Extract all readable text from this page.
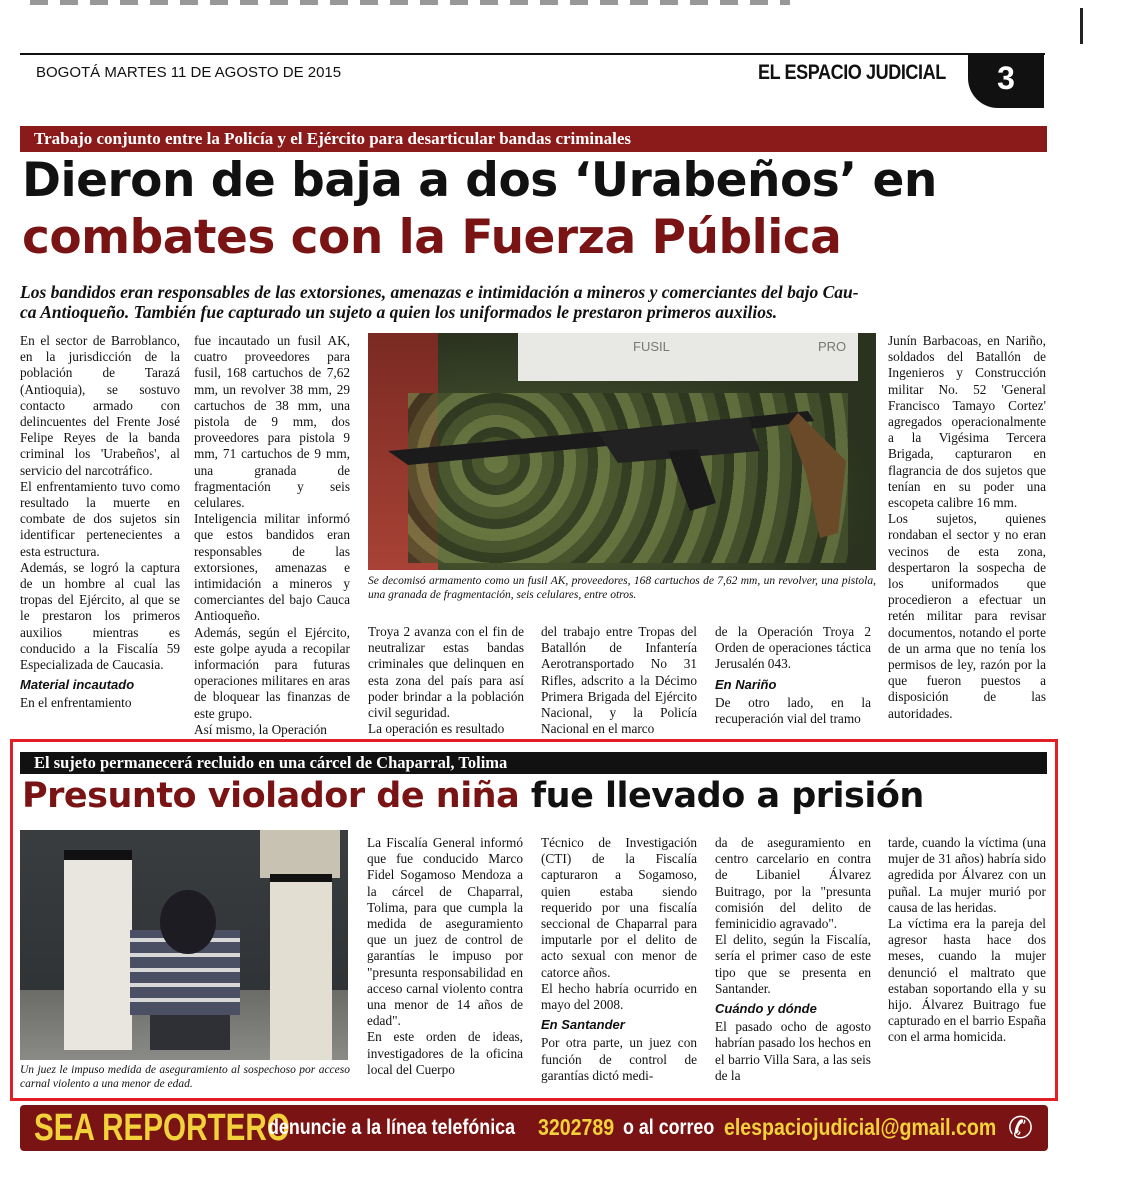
BOGOTÁ MARTES 11 DE AGOSTO DE 2015	EL ESPACIO JUDICIAL	3
Trabajo conjunto entre la Policía y el Ejército para desarticular bandas criminales
Dieron de baja a dos ‘Urabeños’ en
combates con la Fuerza Pública
Los bandidos eran responsables de las extorsiones, amenazas e intimidación a mineros y comerciantes del bajo Cau-
ca Antioqueño. También fue capturado un sujeto a quien los uniformados le prestaron primeros auxilios.

En el sector de Barroblanco, en la jurisdicción de la población de Tarazá (Antioquia), se sostuvo contacto armado con delincuentes del Frente José Felipe Reyes de la banda criminal los 'Urabeños', al servicio del narcotráfico.

El enfrentamiento tuvo como resultado la muerte en combate de dos sujetos sin identificar pertenecientes a esta estructura.

Además, se logró la captura de un hombre al cual las tropas del Ejército, al que se le prestaron los primeros auxilios mientras es conducido a la Fiscalía 59 Especializada de Caucasia.

Material incautado

En el enfrentamiento

fue incautado un fusil AK, cuatro proveedores para fusil, 168 cartuchos de 7,62 mm, un revolver 38 mm, 29 cartuchos de 38 mm, una pistola de 9 mm, dos proveedores para pistola 9 mm, 71 cartuchos de 9 mm, una granada de fragmentación y seis celulares.

Inteligencia militar informó que estos bandidos eran responsables de las extorsiones, amenazas e intimidación a mineros y comerciantes del bajo Cauca Antioqueño.

Además, según el Ejército, este golpe ayuda a recopilar información para futuras operaciones militares en aras de bloquear las finanzas de este grupo.

Así mismo, la Operación

FUSIL	PRO
Se decomisó armamento como un fusil AK, proveedores, 168 cartuchos de 7,62 mm, un revolver, una pistola, una granada de fragmentación, seis celulares, entre otros.

Troya 2 avanza con el fin de neutralizar estas bandas criminales que delinquen en esta zona del país para así poder brindar a la población civil seguridad.

La operación es resultado

del trabajo entre Tropas del Batallón de Infantería Aerotransportado No 31 Rifles, adscrito a la Décimo Primera Brigada del Ejército Nacional, y la Policía Nacional en el marco

de la Operación Troya 2 Orden de operaciones táctica Jerusalén 043.

En Nariño

De otro lado, en la recuperación vial del tramo

Junín Barbacoas, en Nariño, soldados del Batallón de Ingenieros y Construcción militar No. 52 'General Francisco Tamayo Cortez' agregados operacionalmente a la Vigésima Tercera Brigada, capturaron en flagrancia de dos sujetos que tenían en su poder una escopeta calibre 16 mm.

Los sujetos, quienes rondaban el sector y no eran vecinos de esta zona, despertaron la sospecha de los uniformados que procedieron a efectuar un retén militar para revisar documentos, notando el porte de un arma que no tenía los permisos de ley, razón por la que fueron puestos a disposición de las autoridades.

El sujeto permanecerá recluido en una cárcel de Chaparral, Tolima
Presunto violador de niña fue llevado a prisión
Un juez le impuso medida de aseguramiento al sospechoso por acceso carnal violento a una menor de edad.

La Fiscalía General informó que fue conducido Marco Fidel Sogamoso Mendoza a la cárcel de Chaparral, Tolima, para que cumpla la medida de aseguramiento que un juez de control de garantías le impuso por "presunta responsabilidad en acceso carnal violento contra una menor de 14 años de edad".

En este orden de ideas, investigadores de la oficina local del Cuerpo

Técnico de Investigación (CTI) de la Fiscalía capturaron a Sogamoso, quien estaba siendo requerido por una fiscalía seccional de Chaparral para imputarle por el delito de acto sexual con menor de catorce años.

El hecho habría ocurrido en mayo del 2008.

En Santander

Por otra parte, un juez con función de control de garantías dictó medi-

da de aseguramiento en centro carcelario en contra de Libaniel Álvarez Buitrago, por la "presunta comisión del delito de feminicidio agravado".

El delito, según la Fiscalía, sería el primer caso de este tipo que se presenta en Santander.

Cuándo y dónde

El pasado ocho de agosto habrían pasado los hechos en el barrio Villa Sara, a las seis de la

tarde, cuando la víctima (una mujer de 31 años) habría sido agredida por Álvarez con un puñal. La mujer murió por causa de las heridas.

La víctima era la pareja del agresor hasta hace dos meses, cuando la mujer denunció el maltrato que estaban soportando ella y su hijo. Álvarez Buitrago fue capturado en el barrio España con el arma homicida.

SEA REPORTERO
denuncie a la línea telefónica 3202789 o al correo elespaciojudicial@gmail.com ✆
